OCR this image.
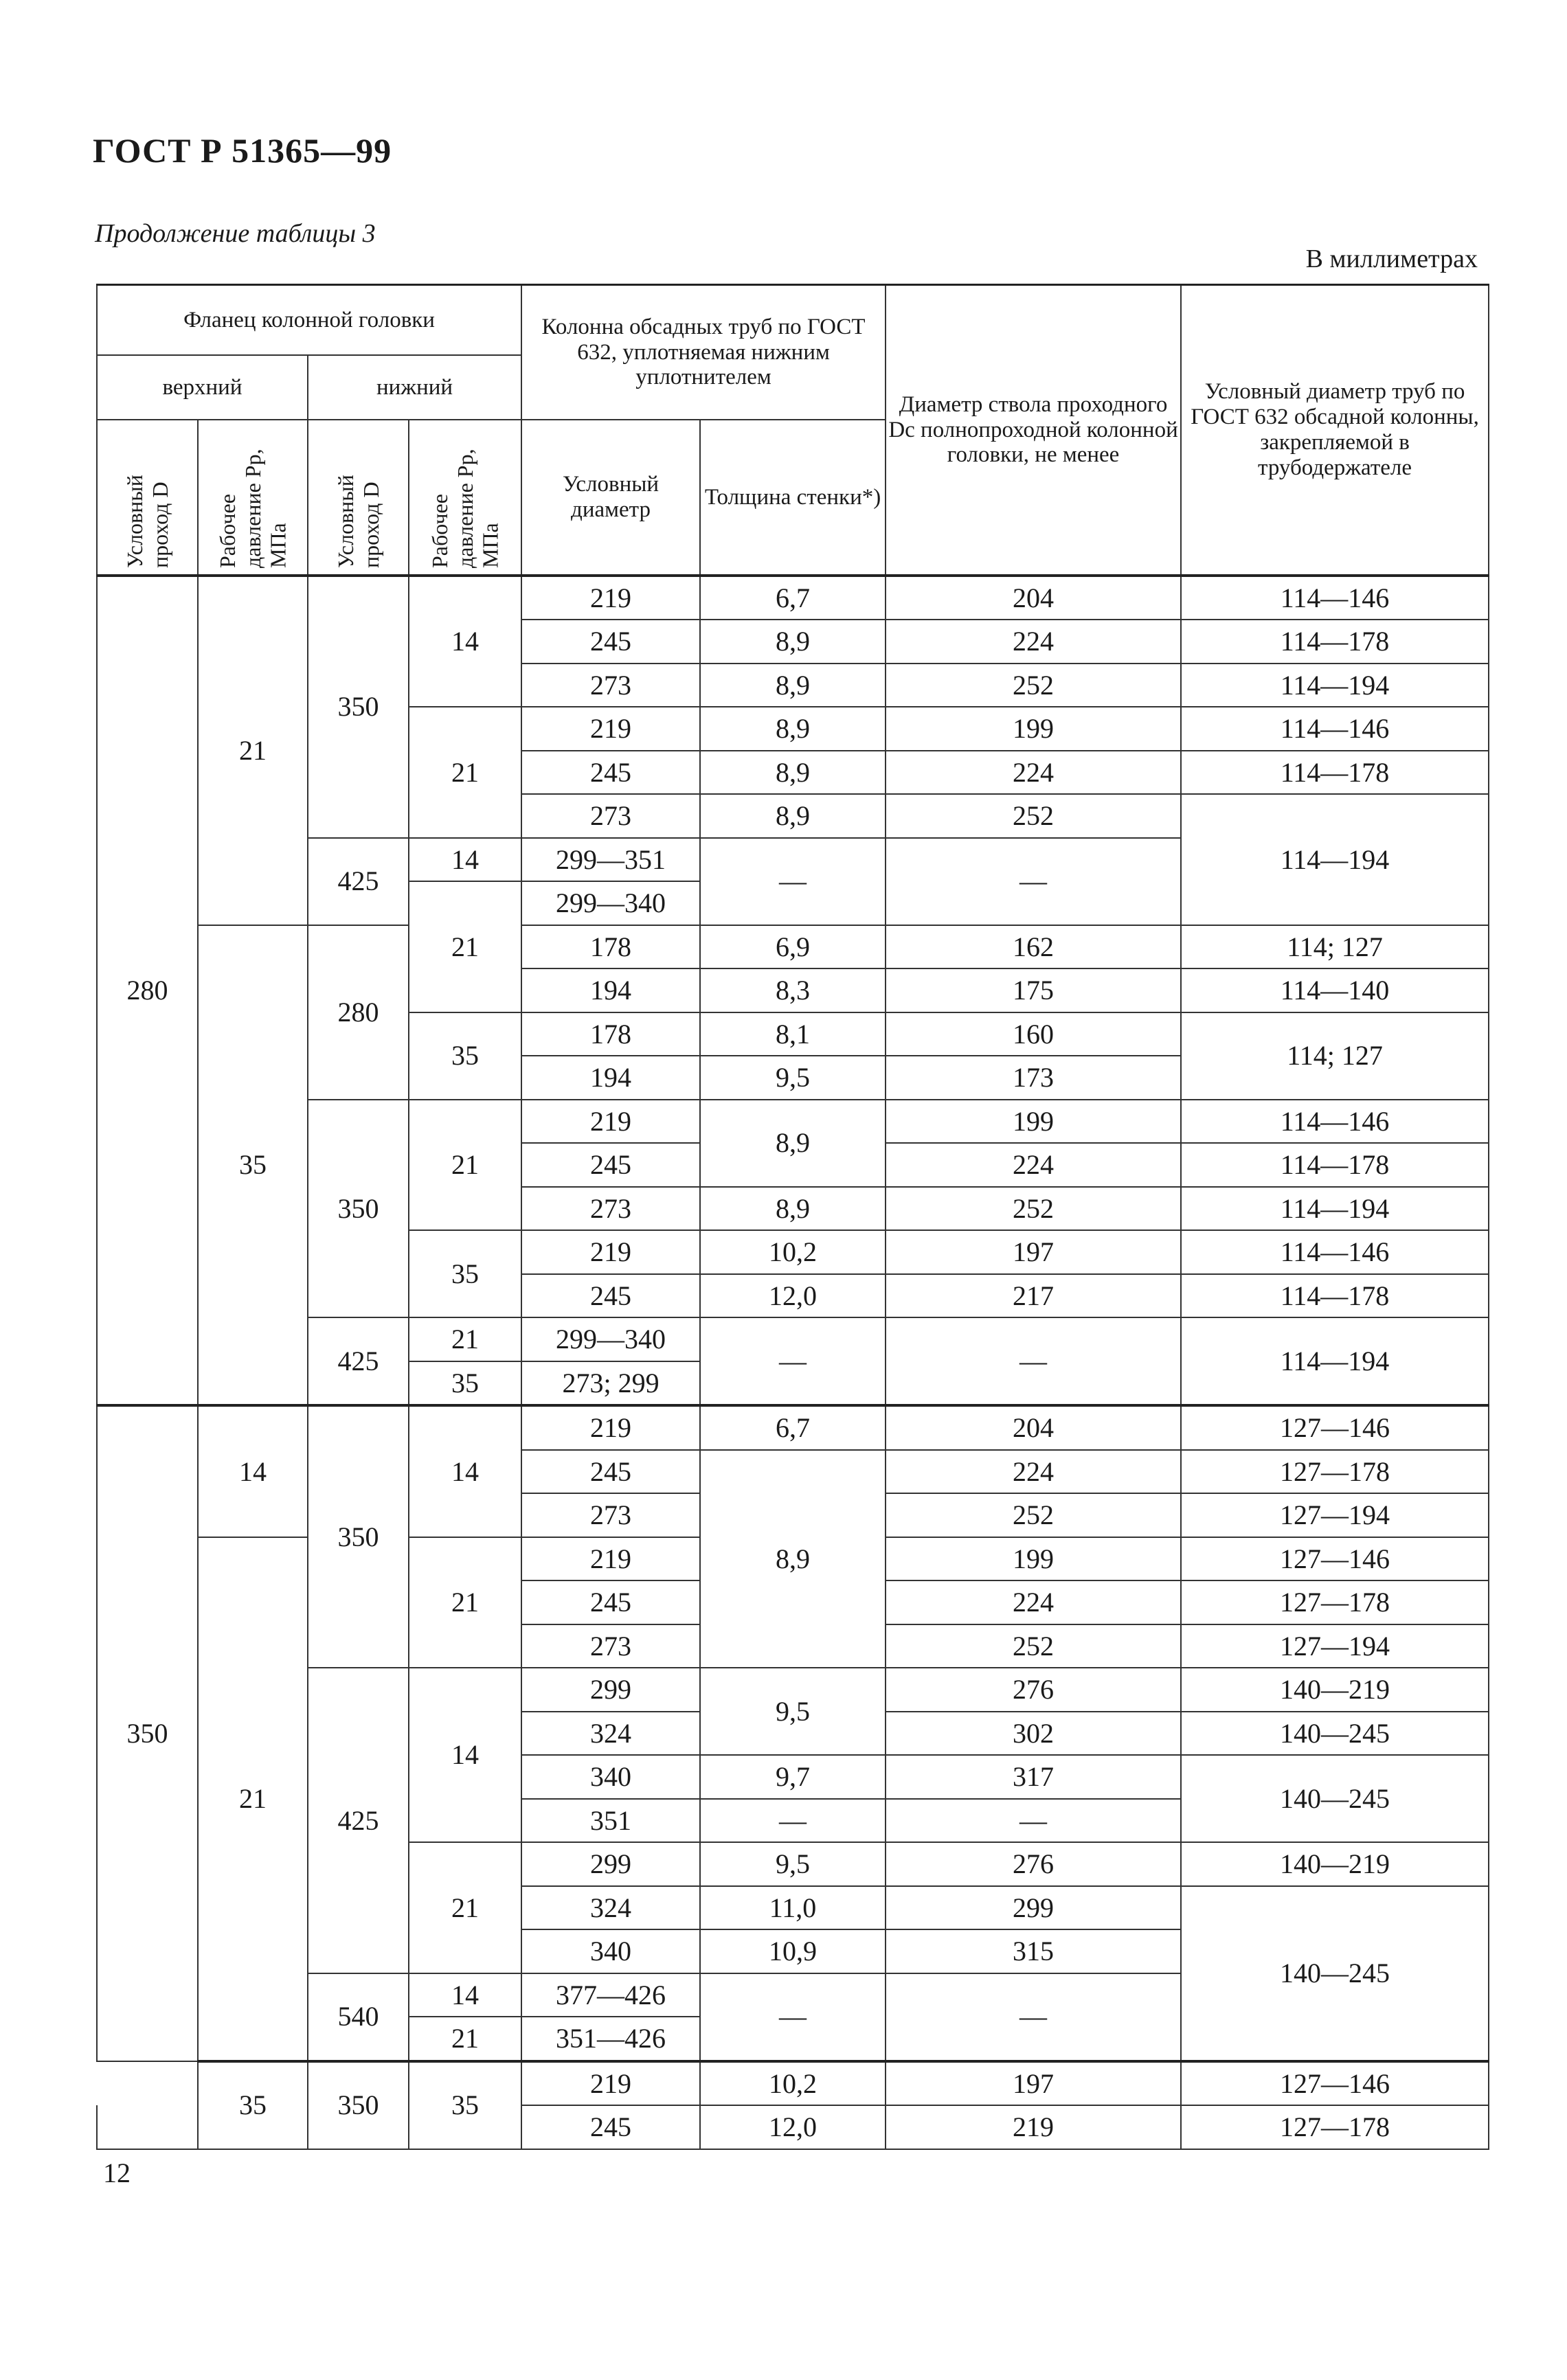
ГОСТ Р 51365—99
Продолжение таблицы 3
В миллиметрах
Фланец колонной головки				Колонна обсадных труб по ГОСТ 632, уплотняемая нижним уплотнителем		Диаметр ствола проходного Dс полнопроходной колонной головки, не менее	Условный диаметр труб по ГОСТ 632 обсадной колонны, закрепляемой в трубодержателе
верхний		нижний					
Условный проход D	Рабочее давление Pр, МПа	Условный проход D	Рабочее давление Pр, МПа	Условный диаметр	Толщина стенки*)		
280	21	350	14	219	6,7	204	114—146
				245	8,9	224	114—178
				273	8,9	252	114—194
			21	219	8,9	199	114—146
				245	8,9	224	114—178
				273	8,9	252	114—194
		425	14	299—351	—	—	
			21	299—340			
	35	280		178	6,9	162	114; 127
				194	8,3	175	114—140
			35	178	8,1	160	114; 127
				194	9,5	173	
		350	21	219	8,9	199	114—146
				245		224	114—178
				273	8,9	252	114—194
			35	219	10,2	197	114—146
				245	12,0	217	114—178
		425	21	299—340	—	—	114—194
			35	273; 299			
350	14	350	14	219	6,7	204	127—146
				245	8,9	224	127—178
				273		252	127—194
	21		21	219		199	127—146
				245		224	127—178
				273		252	127—194
		425	14	299	9,5	276	140—219
				324		302	140—245
				340	9,7	317	140—245
				351	—	—	
			21	299	9,5	276	140—219
				324	11,0	299	140—245
				340	10,9	315	
		540	14	377—426	—	—	
			21	351—426			
	35	350	35	219	10,2	197	127—146
				245	12,0	219	127—178
12
